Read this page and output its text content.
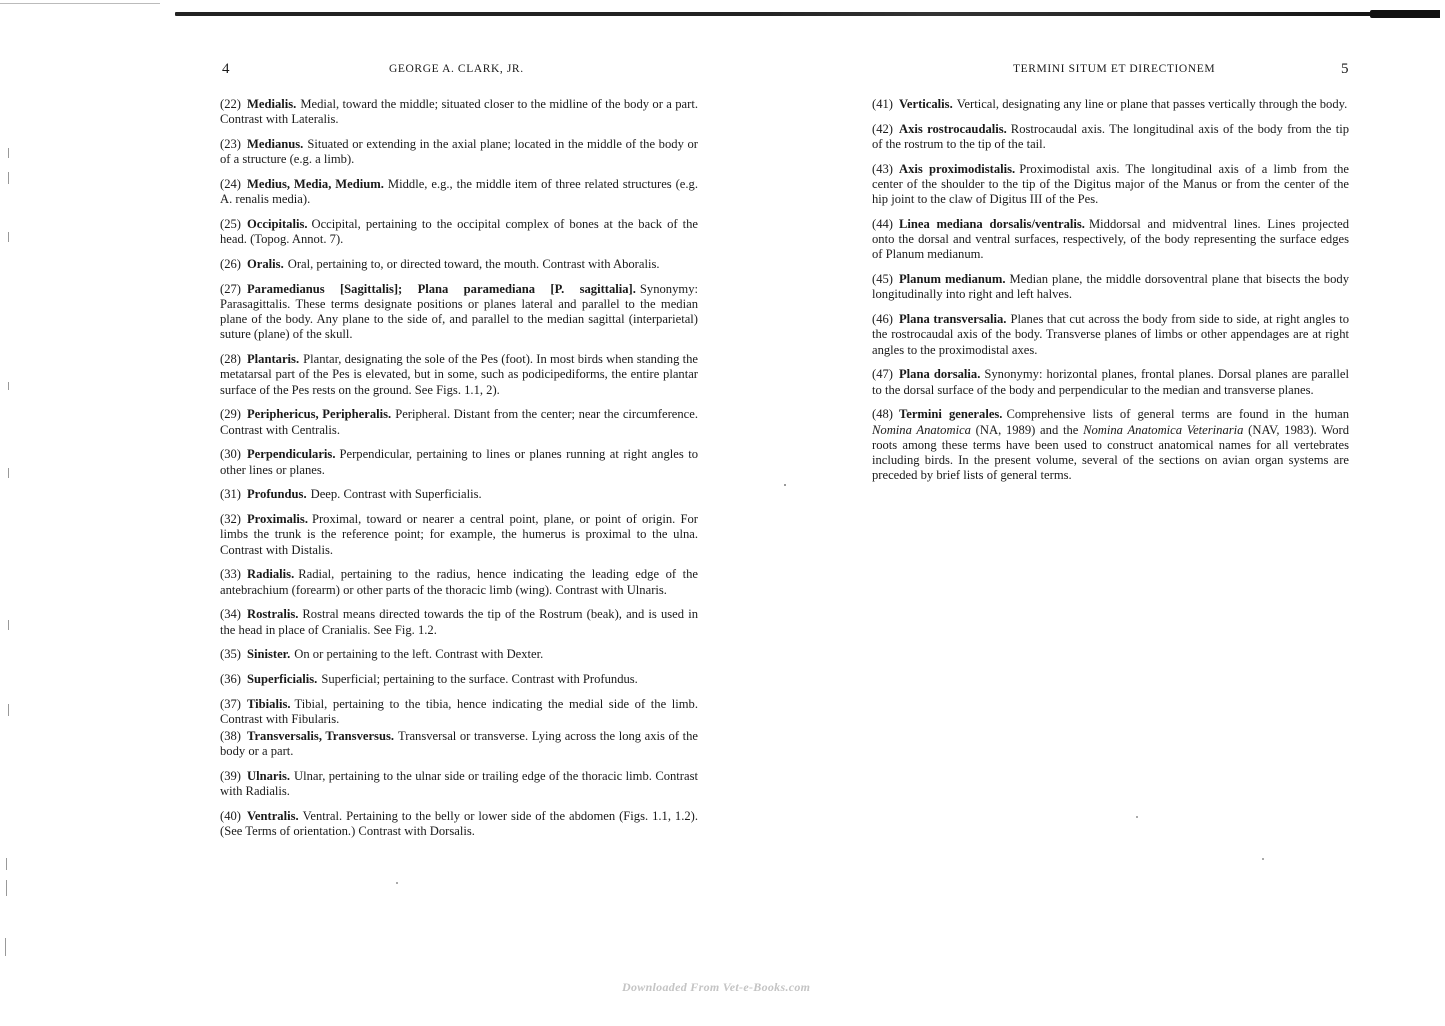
4	GEORGE A. CLARK, JR.	TERMINI SITUM ET DIRECTIONEM	5

(22) Medialis. Medial, toward the middle; situated closer to the midline of the body or a part. Contrast with Lateralis.

(23) Medianus. Situated or extending in the axial plane; located in the middle of the body or of a structure (e.g. a limb).

(24) Medius, Media, Medium. Middle, e.g., the middle item of three related structures (e.g. A. renalis media).

(25) Occipitalis. Occipital, pertaining to the occipital complex of bones at the back of the head. (Topog. Annot. 7).

(26) Oralis. Oral, pertaining to, or directed toward, the mouth. Contrast with Aboralis.

(27) Paramedianus [Sagittalis]; Plana paramediana [P. sagittalia]. Synonymy: Parasagittalis. These terms designate positions or planes lateral and parallel to the median plane of the body. Any plane to the side of, and parallel to the median sagittal (interparietal) suture (plane) of the skull.

(28) Plantaris. Plantar, designating the sole of the Pes (foot). In most birds when standing the metatarsal part of the Pes is elevated, but in some, such as podicipediforms, the entire plantar surface of the Pes rests on the ground. See Figs. 1.1, 2).

(29) Periphericus, Peripheralis. Peripheral. Distant from the center; near the circumference. Contrast with Centralis.

(30) Perpendicularis. Perpendicular, pertaining to lines or planes running at right angles to other lines or planes.

(31) Profundus. Deep. Contrast with Superficialis.

(32) Proximalis. Proximal, toward or nearer a central point, plane, or point of origin. For limbs the trunk is the reference point; for example, the humerus is proximal to the ulna. Contrast with Distalis.

(33) Radialis. Radial, pertaining to the radius, hence indicating the leading edge of the antebrachium (forearm) or other parts of the thoracic limb (wing). Contrast with Ulnaris.

(34) Rostralis. Rostral means directed towards the tip of the Rostrum (beak), and is used in the head in place of Cranialis. See Fig. 1.2.

(35) Sinister. On or pertaining to the left. Contrast with Dexter.

(36) Superficialis. Superficial; pertaining to the surface. Contrast with Profundus.

(37) Tibialis. Tibial, pertaining to the tibia, hence indicating the medial side of the limb. Contrast with Fibularis.

(38) Transversalis, Transversus. Transversal or transverse. Lying across the long axis of the body or a part.

(39) Ulnaris. Ulnar, pertaining to the ulnar side or trailing edge of the thoracic limb. Contrast with Radialis.

(40) Ventralis. Ventral. Pertaining to the belly or lower side of the abdomen (Figs. 1.1, 1.2). (See Terms of orientation.) Contrast with Dorsalis.

(41) Verticalis. Vertical, designating any line or plane that passes vertically through the body.

(42) Axis rostrocaudalis. Rostrocaudal axis. The longitudinal axis of the body from the tip of the rostrum to the tip of the tail.

(43) Axis proximodistalis. Proximodistal axis. The longitudinal axis of a limb from the center of the shoulder to the tip of the Digitus major of the Manus or from the center of the hip joint to the claw of Digitus III of the Pes.

(44) Linea mediana dorsalis/ventralis. Middorsal and midventral lines. Lines projected onto the dorsal and ventral surfaces, respectively, of the body representing the surface edges of Planum medianum.

(45) Planum medianum. Median plane, the middle dorsoventral plane that bisects the body longitudinally into right and left halves.

(46) Plana transversalia. Planes that cut across the body from side to side, at right angles to the rostrocaudal axis of the body. Transverse planes of limbs or other appendages are at right angles to the proximodistal axes.

(47) Plana dorsalia. Synonymy: horizontal planes, frontal planes. Dorsal planes are parallel to the dorsal surface of the body and perpendicular to the median and transverse planes.

(48) Termini generales. Comprehensive lists of general terms are found in the human Nomina Anatomica (NA, 1989) and the Nomina Anatomica Veterinaria (NAV, 1983). Word roots among these terms have been used to construct anatomical names for all vertebrates including birds. In the present volume, several of the sections on avian organ systems are preceded by brief lists of general terms.

Downloaded From Vet-e-Books.com
